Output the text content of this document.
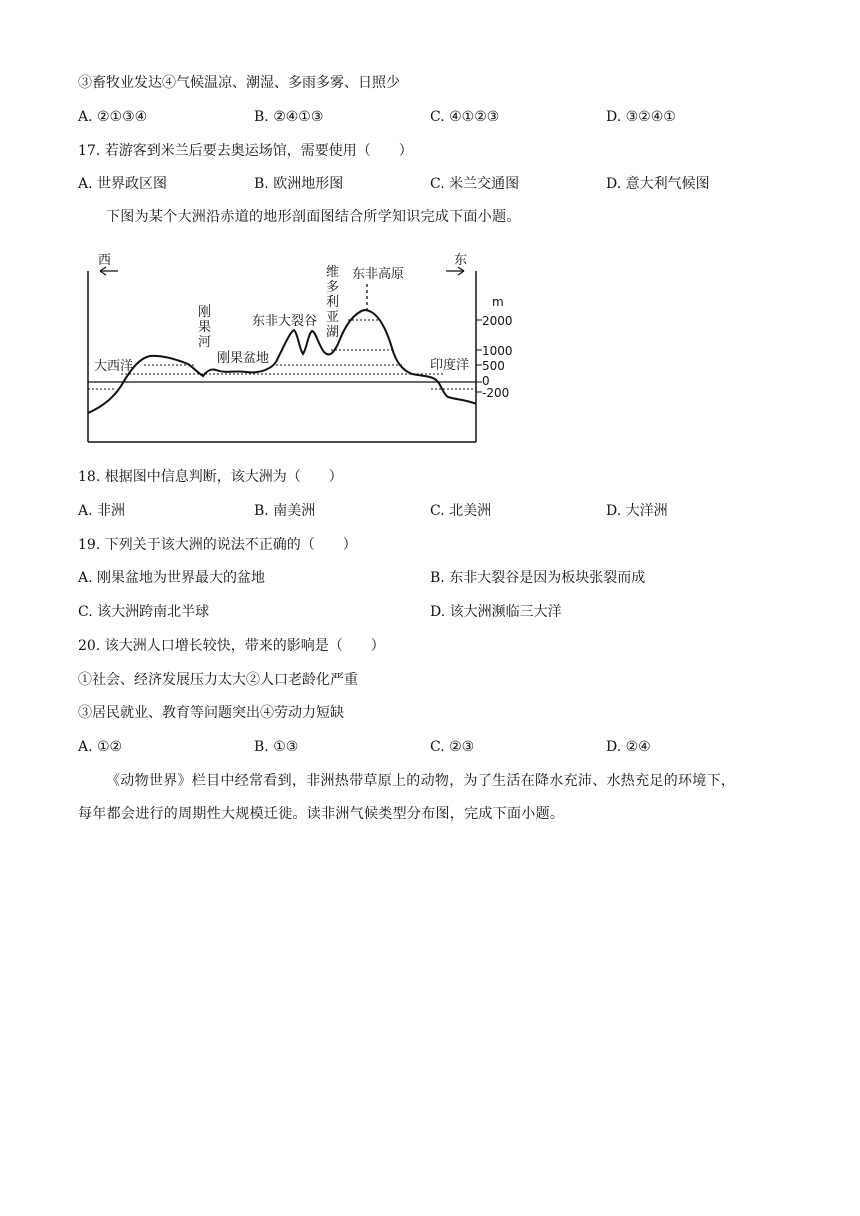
③畜牧业发达④气候温凉、潮湿、多雨多雾、日照少
A. ②①③④	B. ②④①③	C. ④①②③	D. ③②④①
17. 若游客到米兰后要去奥运场馆，需要使用（　　）
A. 世界政区图	B. 欧洲地形图	C. 米兰交通图	D. 意大利气候图
下图为某个大洲沿赤道的地形剖面图结合所学知识完成下面小题。
西	东
大西洋
刚
果
河
刚果盆地
东非大裂谷
维
多
利
亚
湖
东非高原
印度洋
m
2000
1000
500
0
-200
18. 根据图中信息判断，该大洲为（　　）
A. 非洲	B. 南美洲	C. 北美洲	D. 大洋洲
19. 下列关于该大洲的说法不正确的（　　）
A. 刚果盆地为世界最大的盆地	B. 东非大裂谷是因为板块张裂而成
C. 该大洲跨南北半球	D. 该大洲濒临三大洋
20. 该大洲人口增长较快，带来的影响是（　　）
①社会、经济发展压力太大②人口老龄化严重
③居民就业、教育等问题突出④劳动力短缺
A. ①②	B. ①③	C. ②③	D. ②④
《动物世界》栏目中经常看到，非洲热带草原上的动物，为了生活在降水充沛、水热充足的环境下，
每年都会进行的周期性大规模迁徙。读非洲气候类型分布图，完成下面小题。
